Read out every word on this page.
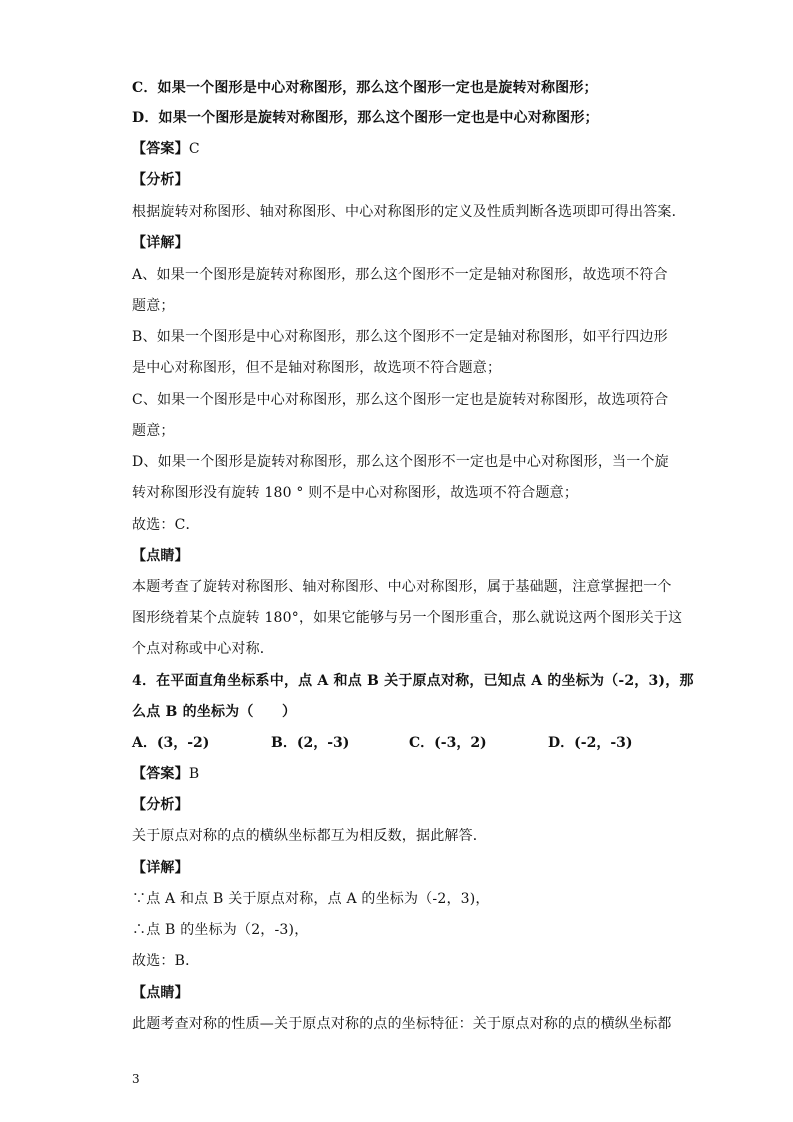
C．如果一个图形是中心对称图形，那么这个图形一定也是旋转对称图形；
D．如果一个图形是旋转对称图形，那么这个图形一定也是中心对称图形；
【答案】C
【分析】
根据旋转对称图形、轴对称图形、中心对称图形的定义及性质判断各选项即可得出答案．
【详解】
A、如果一个图形是旋转对称图形，那么这个图形不一定是轴对称图形，故选项不符合
题意；
B、如果一个图形是中心对称图形，那么这个图形不一定是轴对称图形，如平行四边形
是中心对称图形，但不是轴对称图形，故选项不符合题意；
C、如果一个图形是中心对称图形，那么这个图形一定也是旋转对称图形，故选项符合
题意；
D、如果一个图形是旋转对称图形，那么这个图形不一定也是中心对称图形，当一个旋
转对称图形没有旋转 180 ° 则不是中心对称图形，故选项不符合题意；
故选：C．
【点睛】
本题考查了旋转对称图形、轴对称图形、中心对称图形，属于基础题，注意掌握把一个
图形绕着某个点旋转 180°，如果它能够与另一个图形重合，那么就说这两个图形关于这
个点对称或中心对称．
4．在平面直角坐标系中，点 A 和点 B 关于原点对称，已知点 A 的坐标为（-2，3)，那
么点 B 的坐标为（　　）
A．(3，-2)	B．(2，-3)	C．(-3，2)	D．(-2，-3)
【答案】B
【分析】
关于原点对称的点的横纵坐标都互为相反数，据此解答．
【详解】
∵点 A 和点 B 关于原点对称，点 A 的坐标为（-2，3)，
∴点 B 的坐标为（2，-3)，
故选：B．
【点睛】
此题考查对称的性质—关于原点对称的点的坐标特征：关于原点对称的点的横纵坐标都
3
